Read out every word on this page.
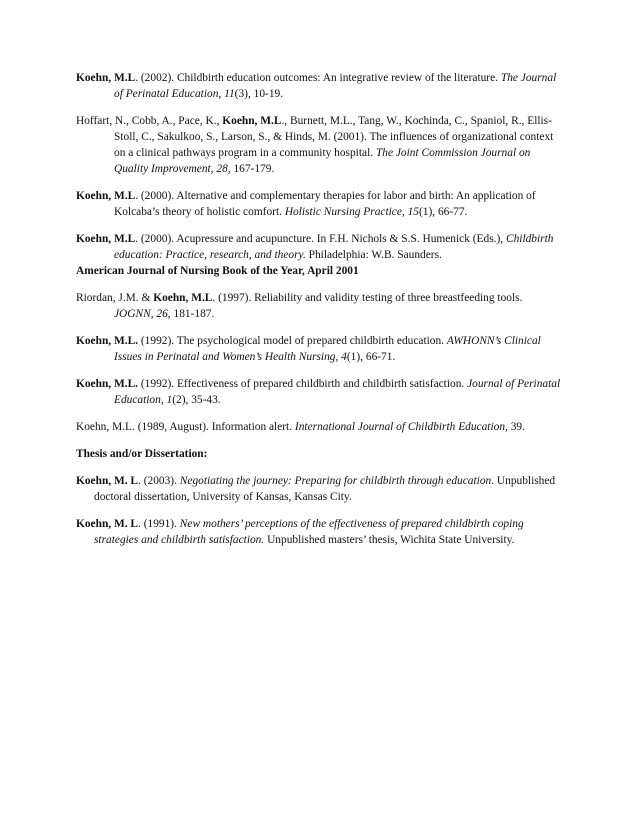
Koehn, M.L. (2002). Childbirth education outcomes: An integrative review of the literature. The Journal of Perinatal Education, 11(3), 10-19.

Hoffart, N., Cobb, A., Pace, K., Koehn, M.L., Burnett, M.L., Tang, W., Kochinda, C., Spaniol, R., Ellis-Stoll, C., Sakulkoo, S., Larson, S., & Hinds, M. (2001). The influences of organizational context on a clinical pathways program in a community hospital. The Joint Commission Journal on Quality Improvement, 28, 167-179.

Koehn, M.L. (2000). Alternative and complementary therapies for labor and birth: An application of Kolcaba’s theory of holistic comfort. Holistic Nursing Practice, 15(1), 66-77.

Koehn, M.L. (2000). Acupressure and acupuncture. In F.H. Nichols & S.S. Humenick (Eds.), Childbirth education: Practice, research, and theory. Philadelphia: W.B. Saunders.
American Journal of Nursing Book of the Year, April 2001

Riordan, J.M. & Koehn, M.L. (1997). Reliability and validity testing of three breastfeeding tools. JOGNN, 26, 181-187.

Koehn, M.L. (1992). The psychological model of prepared childbirth education. AWHONN’s Clinical Issues in Perinatal and Women’s Health Nursing, 4(1), 66-71.

Koehn, M.L. (1992). Effectiveness of prepared childbirth and childbirth satisfaction. Journal of Perinatal Education, 1(2), 35-43.

Koehn, M.L. (1989, August). Information alert. International Journal of Childbirth Education, 39.

Thesis and/or Dissertation:

Koehn, M. L. (2003). Negotiating the journey: Preparing for childbirth through education. Unpublished doctoral dissertation, University of Kansas, Kansas City.

Koehn, M. L. (1991). New mothers’ perceptions of the effectiveness of prepared childbirth coping strategies and childbirth satisfaction. Unpublished masters’ thesis, Wichita State University.
